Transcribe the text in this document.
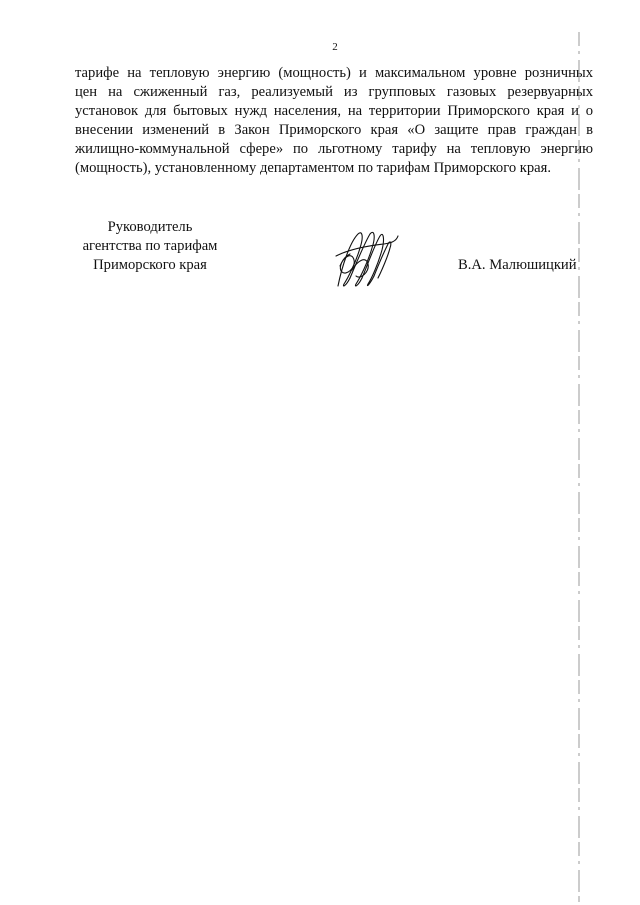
2
тарифе на тепловую энергию (мощность) и максимальном уровне розничных
цен на сжиженный газ, реализуемый из групповых газовых резервуарных
установок для бытовых нужд населения, на территории Приморского края и о
внесении изменений в Закон Приморского края «О защите прав граждан в
жилищно-коммунальной сфере» по льготному тарифу на тепловую энергию
(мощность), установленному департаментом по тарифам Приморского края.
Руководитель
агентства по тарифам
Приморского края	В.А. Малюшицкий
